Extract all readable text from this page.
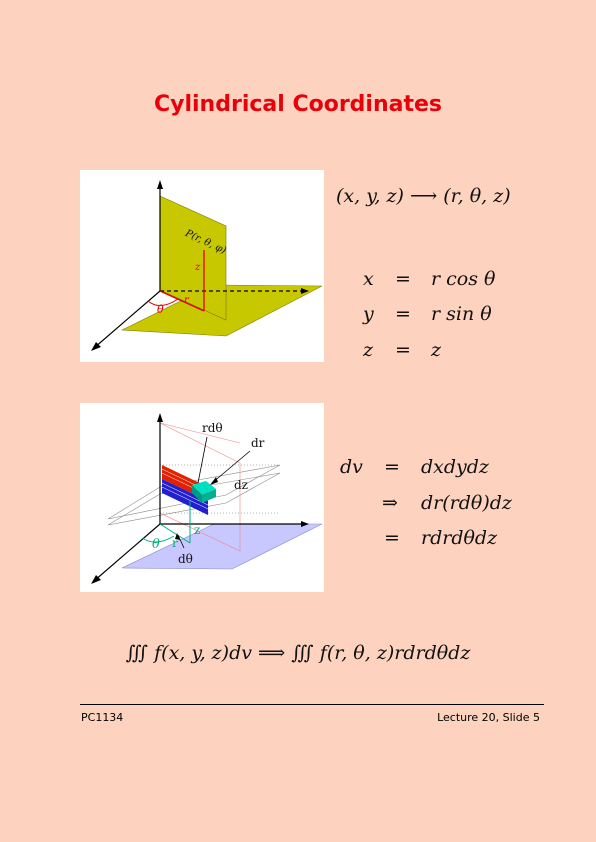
Cylindrical Coordinates
P(r, θ, φ)
z
r
θ
rdθ
dr
dz
z
r
θ
dθ
(x, y, z) ⟶ (r, θ, z)
x = r cos θ
y = r sin θ
z = z
dv = dxdydz
⇒ dr(rdθ)dz
= rdrdθdz
∭ f(x, y, z)dv ⟹ ∭ f(r, θ, z)rdrdθdz
PC1134	Lecture 20, Slide 5
